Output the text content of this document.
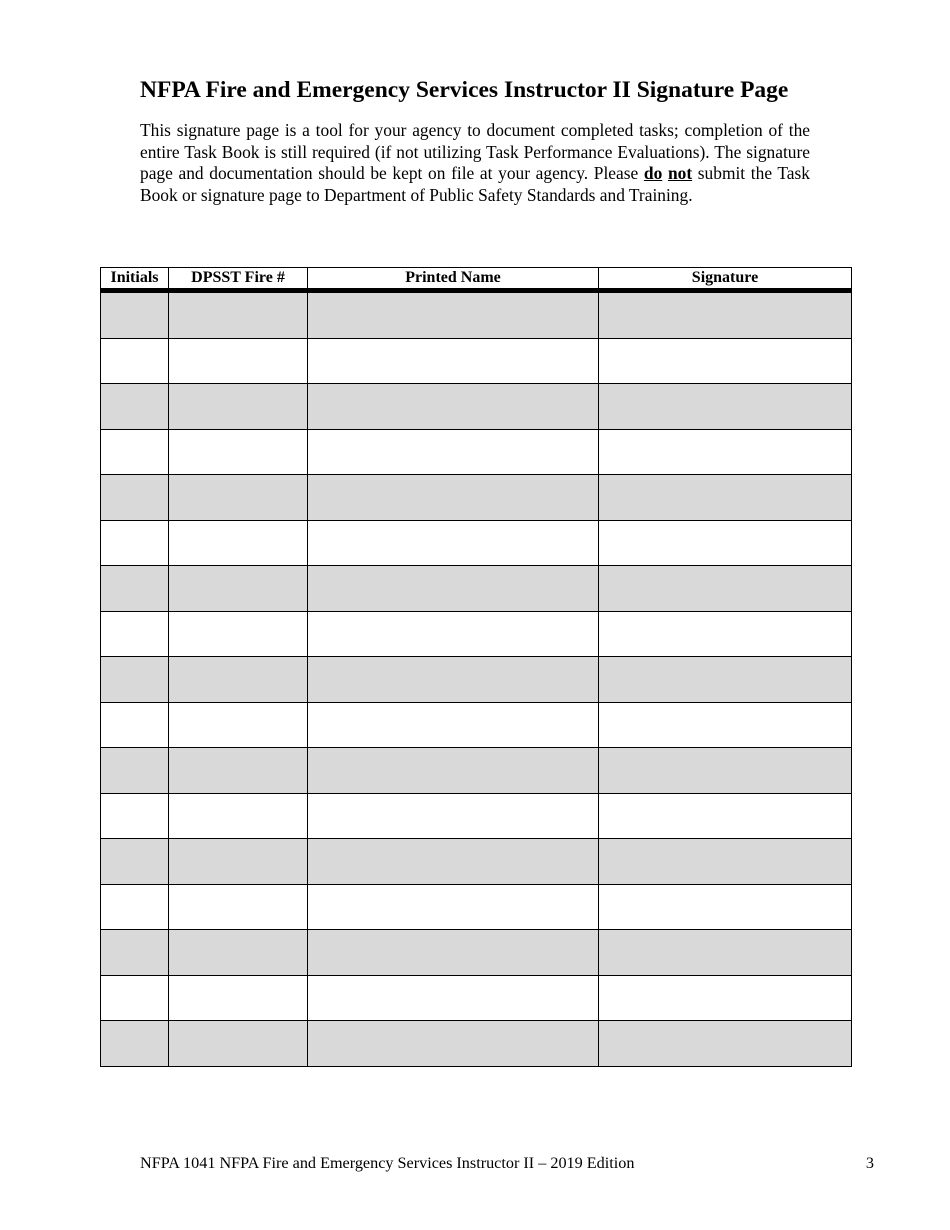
NFPA Fire and Emergency Services Instructor II Signature Page

This signature page is a tool for your agency to document completed tasks; completion of the entire Task Book is still required (if not utilizing Task Performance Evaluations). The signature page and documentation should be kept on file at your agency. Please do not submit the Task Book or signature page to Department of Public Safety Standards and Training.

Initials	DPSST Fire #	Printed Name	Signature

NFPA 1041 NFPA Fire and Emergency Services Instructor II – 2019 Edition	3
